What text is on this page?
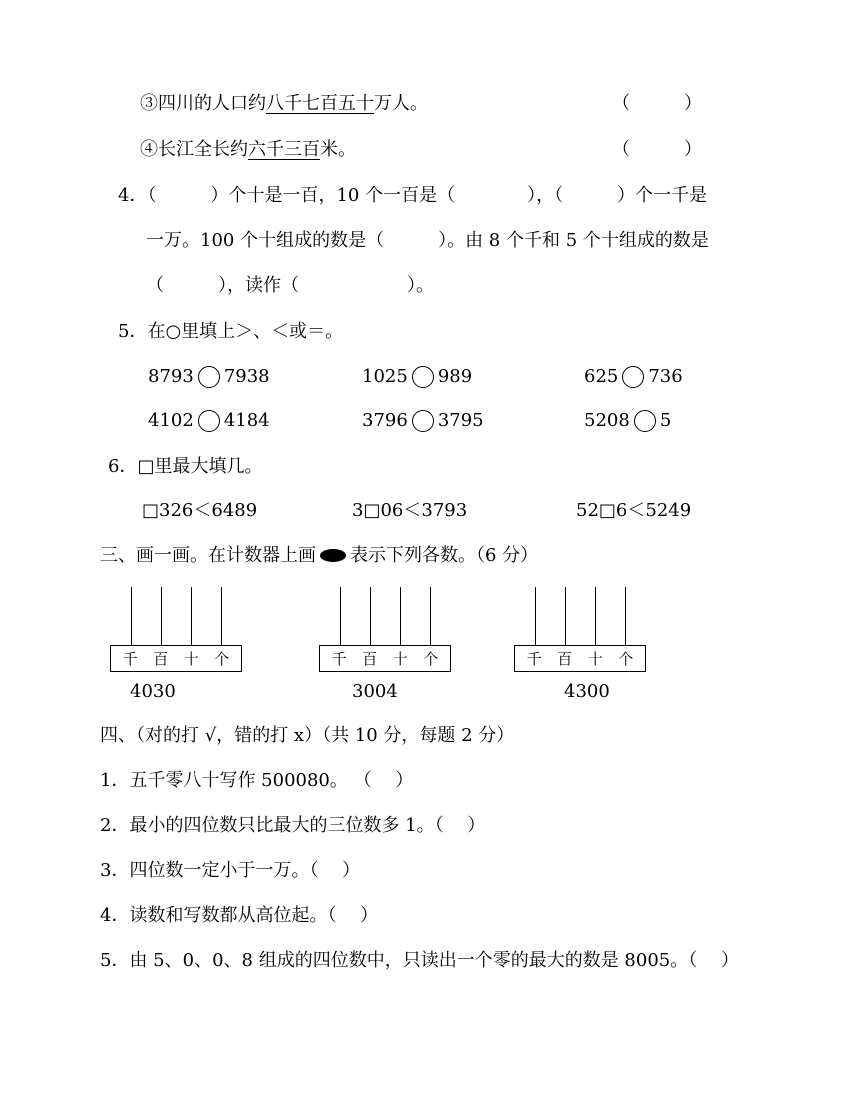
③四川的人口约八千七百五十万人。	（　　　）
④长江全长约六千三百米。	（　　　）
4．（　　　）个十是一百，10 个一百是（　　　　），（　　　）个一千是
一万。100 个十组成的数是（　　　）。由 8 个千和 5 个十组成的数是
（　　　），读作（　　　　　　）。
5．在○里填上＞、＜或＝。
8793 7938	1025 989	625 736
4102 4184	3796 3795	5208 5
6．□里最大填几。
□326＜6489	3□06＜3793	52□6＜5249
三、画一画。在计数器上画 表示下列各数。（6 分）
千 百 十 个
4030
千 百 十 个
3004
千 百 十 个
4300
四、（对的打 √，错的打 x）（共 10 分，每题 2 分）
1．五千零八十写作 500080。 （　 ）
2．最小的四位数只比最大的三位数多 1。（　 ）
3．四位数一定小于一万。（　 ）
4．读数和写数都从高位起。（　 ）
5．由 5、0、0、8 组成的四位数中，只读出一个零的最大的数是 8005。（　 ）
